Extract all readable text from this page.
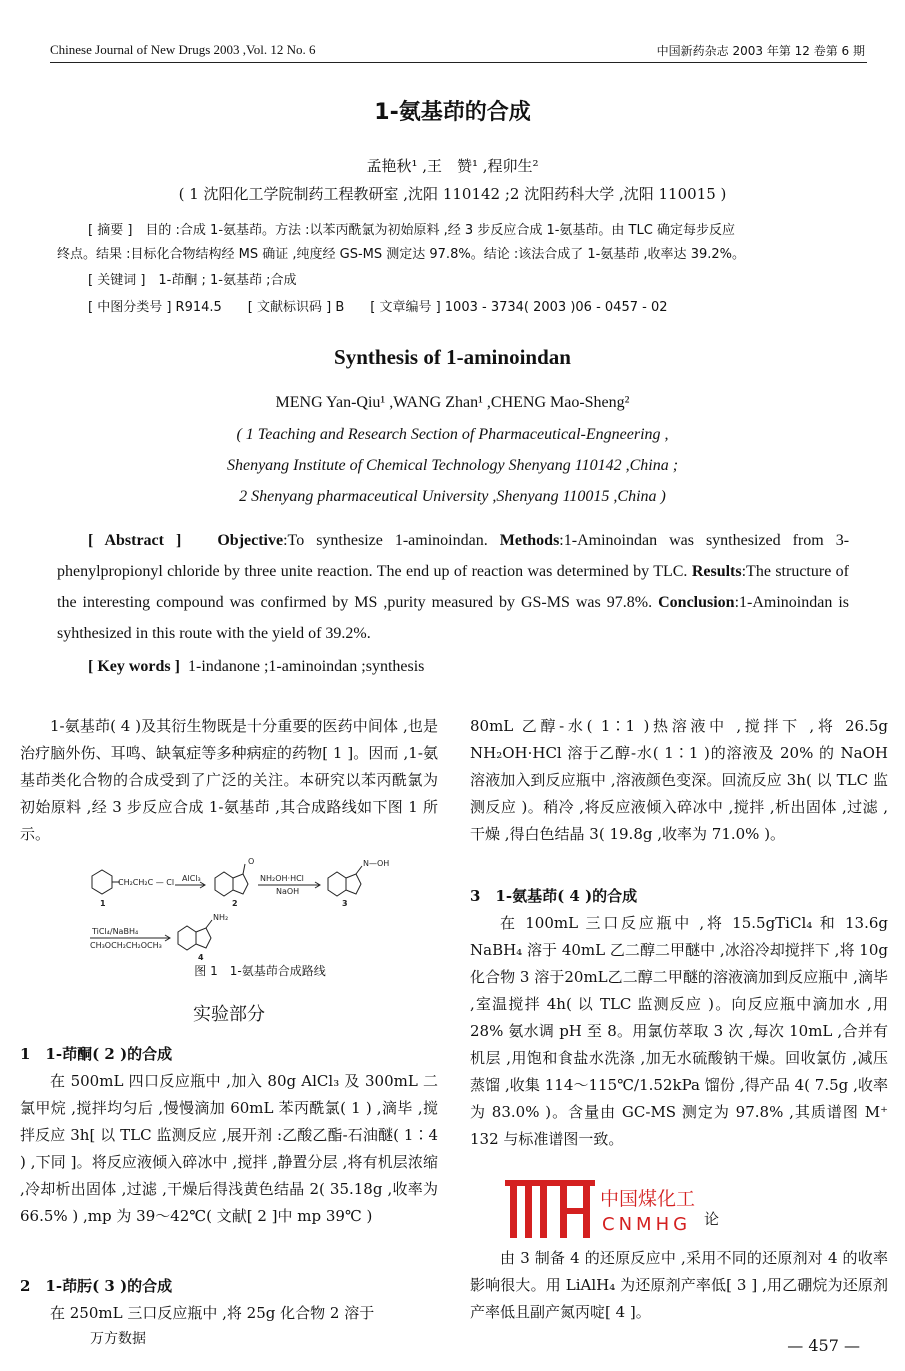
Chinese Journal of New Drugs 2003 ,Vol. 12 No. 6	中国新药杂志 2003 年第 12 卷第 6 期
1-氨基茚的合成
孟艳秋¹ ,王　赞¹ ,程卯生²
( 1 沈阳化工学院制药工程教研室 ,沈阳 110142 ;2 沈阳药科大学 ,沈阳 110015 )
[ 摘要 ]　目的 :合成 1-氨基茚。方法 :以苯丙酰氯为初始原料 ,经 3 步反应合成 1-氨基茚。由 TLC 确定每步反应
终点。结果 :目标化合物结构经 MS 确证 ,纯度经 GS-MS 测定达 97.8%。结论 :该法合成了 1-氨基茚 ,收率达 39.2%。
[ 关键词 ]　1-茚酮 ; 1-氨基茚 ;合成
[ 中图分类号 ] R914.5　　[ 文献标识码 ] B　　[ 文章编号 ] 1003 - 3734( 2003 )06 - 0457 - 02
Synthesis of 1-aminoindan
MENG Yan-Qiu¹ ,WANG Zhan¹ ,CHENG Mao-Sheng²
( 1 Teaching and Research Section of Pharmaceutical-Engneering ,
Shenyang Institute of Chemical Technology Shenyang 110142 ,China ;
2 Shenyang pharmaceutical University ,Shenyang 110015 ,China )
[ Abstract ] Objective:To synthesize 1-aminoindan. Methods:1-Aminoindan was synthesized from 3-phenylpropionyl chloride by three unite reaction. The end up of reaction was determined by TLC. Results:The structure of the interesting compound was confirmed by MS ,purity measured by GS-MS was 97.8%. Conclusion:1-Aminoindan is syhthesized in this route with the yield of 39.2%.
[ Key words ] 1-indanone ;1-aminoindan ;synthesis
1-氨基茚( 4 )及其衍生物既是十分重要的医药中间体 ,也是治疗脑外伤、耳鸣、缺氧症等多种病症的药物[ 1 ]。因而 ,1-氨基茚类化合物的合成受到了广泛的关注。本研究以苯丙酰氯为初始原料 ,经 3 步反应合成 1-氨基茚 ,其合成路线如下图 1 所示。
CH₂CH₂C — Cl AlCl₃	NH₂OH·HCl
NaOH
TiCl₄/NaBH₄
CH₃OCH₂CH₂OCH₃
O	N—OH
NH₂
1	2	3
4
图 1　1-氨基茚合成路线
实验部分
1　1-茚酮( 2 )的合成
在 500mL 四口反应瓶中 ,加入 80g AlCl₃ 及 300mL 二氯甲烷 ,搅拌均匀后 ,慢慢滴加 60mL 苯丙酰氯( 1 ) ,滴毕 ,搅拌反应 3h[ 以 TLC 监测反应 ,展开剂 :乙酸乙酯-石油醚( 1∶4 ) ,下同 ]。将反应液倾入碎冰中 ,搅拌 ,静置分层 ,将有机层浓缩 ,冷却析出固体 ,过滤 ,干燥后得浅黄色结晶 2( 35.18g ,收率为 66.5% ) ,mp 为 39～42℃( 文献[ 2 ]中 mp 39℃ )
2　1-茚肟( 3 )的合成
在 250mL 三口反应瓶中 ,将 25g 化合物 2 溶于
80mL 乙醇-水( 1∶1 )热溶液中 ,搅拌下 ,将 26.5g NH₂OH·HCl 溶于乙醇-水( 1∶1 )的溶液及 20% 的 NaOH 溶液加入到反应瓶中 ,溶液颜色变深。回流反应 3h( 以 TLC 监测反应 )。稍冷 ,将反应液倾入碎冰中 ,搅拌 ,析出固体 ,过滤 ,干燥 ,得白色结晶 3( 19.8g ,收率为 71.0% )。
3　1-氨基茚( 4 )的合成
在 100mL 三口反应瓶中 ,将 15.5gTiCl₄ 和 13.6g NaBH₄ 溶于 40mL 乙二醇二甲醚中 ,冰浴冷却搅拌下 ,将 10g 化合物 3 溶于20mL乙二醇二甲醚的溶液滴加到反应瓶中 ,滴毕 ,室温搅拌 4h( 以 TLC 监测反应 )。向反应瓶中滴加水 ,用 28% 氨水调 pH 至 8。用氯仿萃取 3 次 ,每次 10mL ,合并有机层 ,用饱和食盐水洗涤 ,加无水硫酸钠干燥。回收氯仿 ,减压蒸馏 ,收集 114～115℃/1.52kPa 馏份 ,得产品 4( 7.5g ,收率为 83.0% )。含量由 GC-MS 测定为 97.8% ,其质谱图 M⁺ 132 与标准谱图一致。
中国煤化工
CNMHG 论
由 3 制备 4 的还原反应中 ,采用不同的还原剂对 4 的收率影响很大。用 LiAlH₄ 为还原剂产率低[ 3 ] ,用乙硼烷为还原剂产率低且副产氮丙啶[ 4 ]。
万方数据	— 457 —
